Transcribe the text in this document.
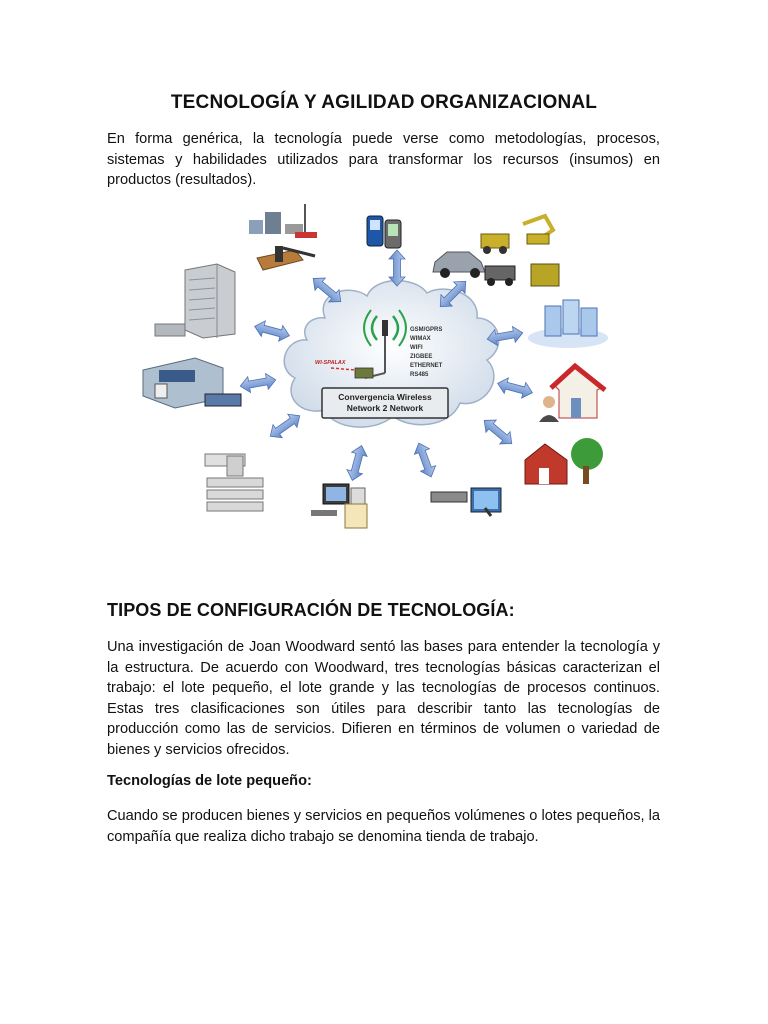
TECNOLOGÍA Y AGILIDAD ORGANIZACIONAL
En forma genérica, la tecnología puede verse como metodologías, procesos, sistemas y habilidades utilizados para transformar los recursos (insumos) en productos (resultados).
WI-SPALAX
GSM/GPRS
WIMAX
WIFI
ZIGBEE
ETHERNET
RS485
Convergencia Wireless
Network 2 Network
TIPOS DE CONFIGURACIÓN DE TECNOLOGÍA:
Una investigación de Joan Woodward sentó las bases para entender la tecnología y la estructura. De acuerdo con Woodward, tres tecnologías básicas caracterizan el trabajo: el lote pequeño, el lote grande y las tecnologías de procesos continuos. Estas tres clasificaciones son útiles para describir tanto las tecnologías de producción como las de servicios. Difieren en términos de volumen o variedad de bienes y servicios ofrecidos.
Tecnologías de lote pequeño:
Cuando se producen bienes y servicios en pequeños volúmenes o lotes pequeños, la compañía que realiza dicho trabajo se denomina tienda de trabajo.
